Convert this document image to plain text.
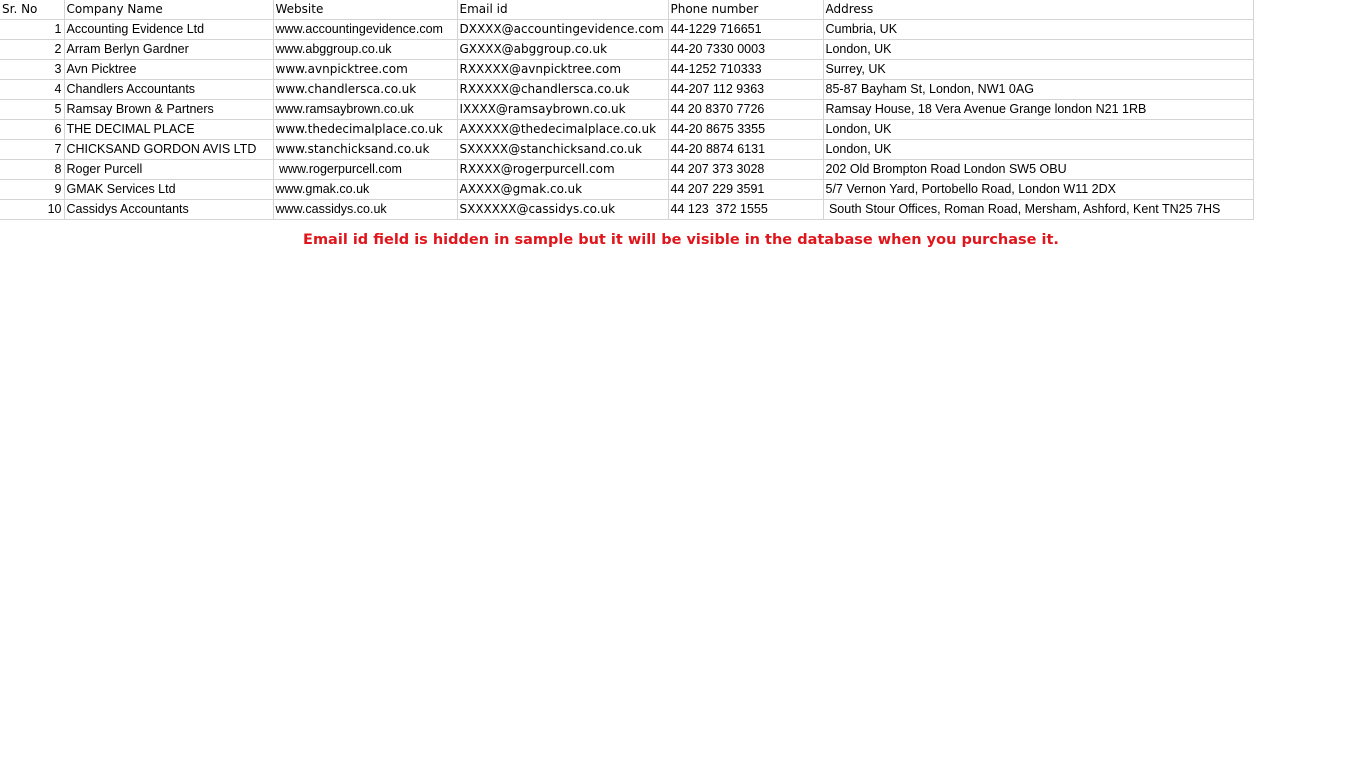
Sr. No	Company Name	Website	Email id	Phone number	Address
1	Accounting Evidence Ltd	www.accountingevidence.com	DXXXX@accountingevidence.com	44-1229 716651	Cumbria, UK
2	Arram Berlyn Gardner	www.abggroup.co.uk	GXXXX@abggroup.co.uk	44-20 7330 0003	London, UK
3	Avn Picktree	www.avnpicktree.com	RXXXXX@avnpicktree.com	44-1252 710333	Surrey, UK
4	Chandlers Accountants	www.chandlersca.co.uk	RXXXXX@chandlersca.co.uk	44-207 112 9363	85-87 Bayham St, London, NW1 0AG
5	Ramsay Brown & Partners	www.ramsaybrown.co.uk	IXXXX@ramsaybrown.co.uk	44 20 8370 7726	Ramsay House, 18 Vera Avenue Grange london N21 1RB
6	THE DECIMAL PLACE	www.thedecimalplace.co.uk	AXXXXX@thedecimalplace.co.uk	44-20 8675 3355	London, UK
7	CHICKSAND GORDON AVIS LTD	www.stanchicksand.co.uk	SXXXXX@stanchicksand.co.uk	44-20 8874 6131	London, UK
8	Roger Purcell	www.rogerpurcell.com	RXXXX@rogerpurcell.com	44 207 373 3028	202 Old Brompton Road London SW5 OBU
9	GMAK Services Ltd	www.gmak.co.uk	AXXXX@gmak.co.uk	44 207 229 3591	5/7 Vernon Yard, Portobello Road, London W11 2DX
10	Cassidys Accountants	www.cassidys.co.uk	SXXXXXX@cassidys.co.uk	44 123  372 1555	South Stour Offices, Roman Road, Mersham, Ashford, Kent TN25 7HS
Email id field is hidden in sample but it will be visible in the database when you purchase it.
